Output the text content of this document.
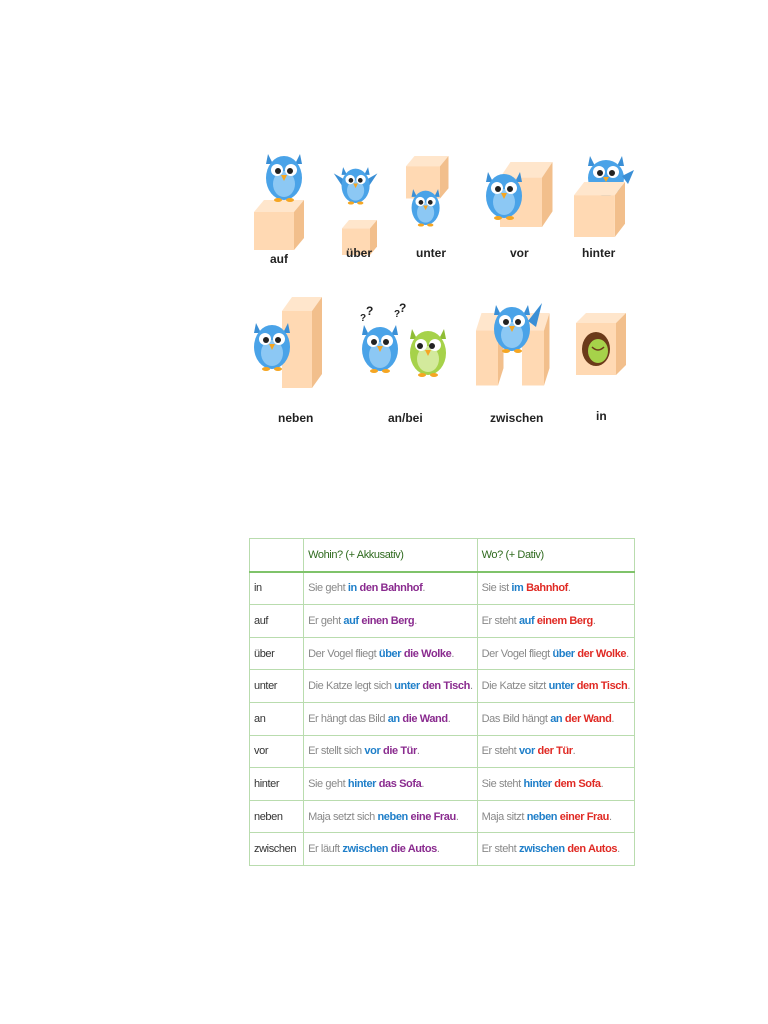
auf	über	unter	vor	hinter
neben
?
? ?
?
an/bei	zwischen	in
	Wohin? (+ Akkusativ)	Wo? (+ Dativ)
in	Sie geht in den Bahnhof.	Sie ist im Bahnhof.
auf	Er geht auf einen Berg.	Er steht auf einem Berg.
über	Der Vogel fliegt über die Wolke.	Der Vogel fliegt über der Wolke.
unter	Die Katze legt sich unter den Tisch.	Die Katze sitzt unter dem Tisch.
an	Er hängt das Bild an die Wand.	Das Bild hängt an der Wand.
vor	Er stellt sich vor die Tür.	Er steht vor der Tür.
hinter	Sie geht hinter das Sofa.	Sie steht hinter dem Sofa.
neben	Maja setzt sich neben eine Frau.	Maja sitzt neben einer Frau.
zwischen	Er läuft zwischen die Autos.	Er steht zwischen den Autos.
